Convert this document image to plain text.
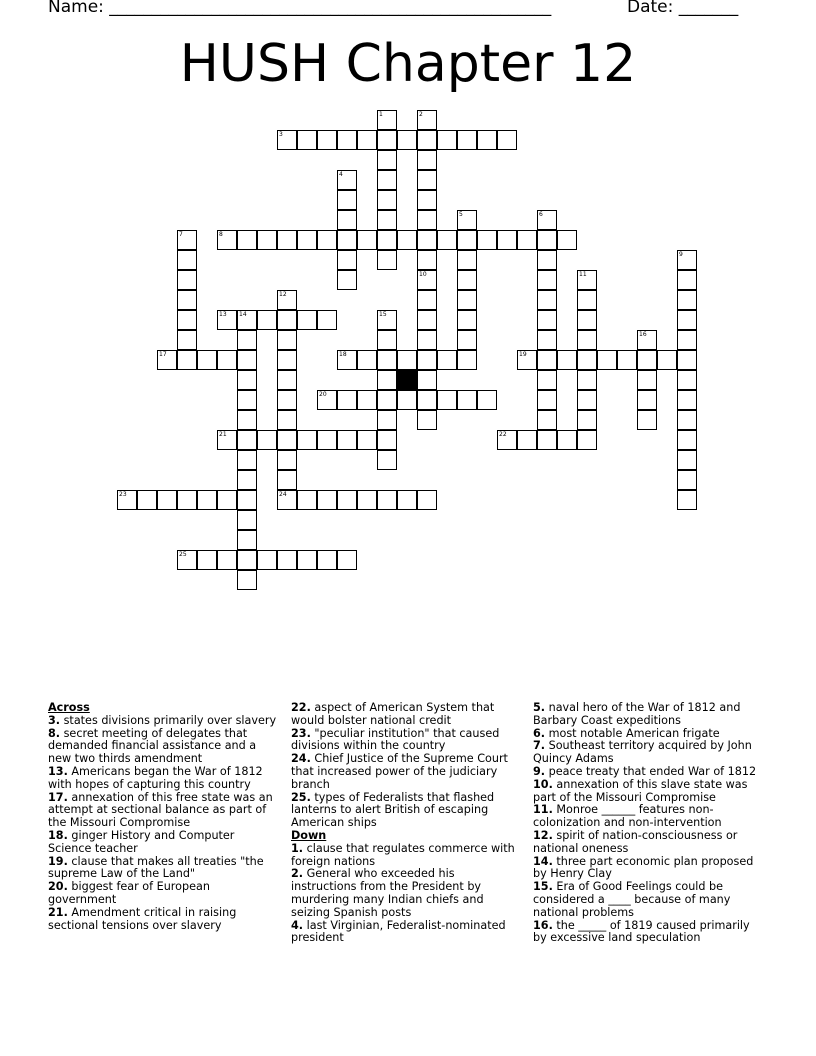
Name: ____________________________________________________	Date: _______
HUSH Chapter 12
1	2
3
4
5	6
7	8
9
10	11
12
13 14	15
16
17	18	19
20
21	22
23	24
25
Across
3. states divisions primarily over slavery
8. secret meeting of delegates that demanded financial assistance and a new two thirds amendment
13. Americans began the War of 1812 with hopes of capturing this country
17. annexation of this free state was an attempt at sectional balance as part of the Missouri Compromise
18. ginger History and Computer Science teacher
19. clause that makes all treaties "the supreme Law of the Land"
20. biggest fear of European government
21. Amendment critical in raising sectional tensions over slavery
22. aspect of American System that would bolster national credit
23. "peculiar institution" that caused divisions within the country
24. Chief Justice of the Supreme Court that increased power of the judiciary branch
25. types of Federalists that flashed lanterns to alert British of escaping American ships
Down
1. clause that regulates commerce with foreign nations
2. General who exceeded his instructions from the President by murdering many Indian chiefs and seizing Spanish posts
4. last Virginian, Federalist-nominated president
5. naval hero of the War of 1812 and Barbary Coast expeditions
6. most notable American frigate
7. Southeast territory acquired by John Quincy Adams
9. peace treaty that ended War of 1812
10. annexation of this slave state was part of the Missouri Compromise
11. Monroe ______ features non-colonization and non-intervention
12. spirit of nation-consciousness or national oneness
14. three part economic plan proposed by Henry Clay
15. Era of Good Feelings could be considered a ____ because of many national problems
16. the _____ of 1819 caused primarily by excessive land speculation
